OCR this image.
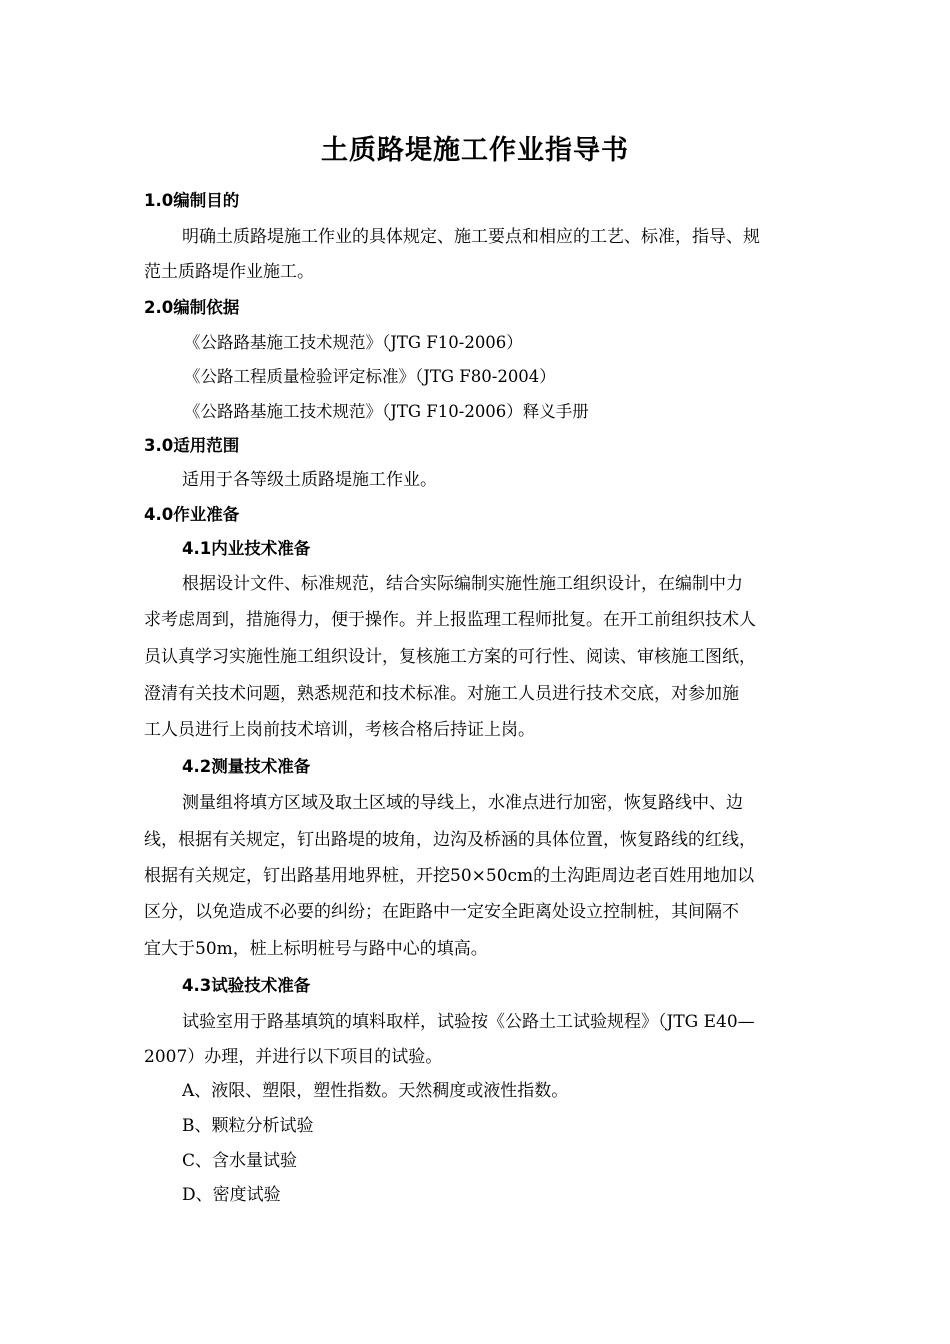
土质路堤施工作业指导书
1.0编制目的
明确土质路堤施工作业的具体规定、施工要点和相应的工艺、标准，指导、规
范土质路堤作业施工。
2.0编制依据
《公路路基施工技术规范》（JTG F10-2006）
《公路工程质量检验评定标准》（JTG F80-2004）
《公路路基施工技术规范》（JTG F10-2006）释义手册
3.0适用范围
适用于各等级土质路堤施工作业。
4.0作业准备
4.1内业技术准备
根据设计文件、标准规范，结合实际编制实施性施工组织设计，在编制中力
求考虑周到，措施得力，便于操作。并上报监理工程师批复。在开工前组织技术人
员认真学习实施性施工组织设计，复核施工方案的可行性、阅读、审核施工图纸，
澄清有关技术问题，熟悉规范和技术标准。对施工人员进行技术交底，对参加施
工人员进行上岗前技术培训，考核合格后持证上岗。
4.2测量技术准备
测量组将填方区域及取土区域的导线上，水准点进行加密，恢复路线中、边
线，根据有关规定，钉出路堤的坡角，边沟及桥涵的具体位置，恢复路线的红线，
根据有关规定，钉出路基用地界桩，开挖50×50cm的土沟距周边老百姓用地加以
区分，以免造成不必要的纠纷；在距路中一定安全距离处设立控制桩，其间隔不
宜大于50m，桩上标明桩号与路中心的填高。
4.3试验技术准备
试验室用于路基填筑的填料取样，试验按《公路土工试验规程》（JTG E40—
2007）办理，并进行以下项目的试验。
A、液限、塑限，塑性指数。天然稠度或液性指数。
B、颗粒分析试验
C、含水量试验
D、密度试验
